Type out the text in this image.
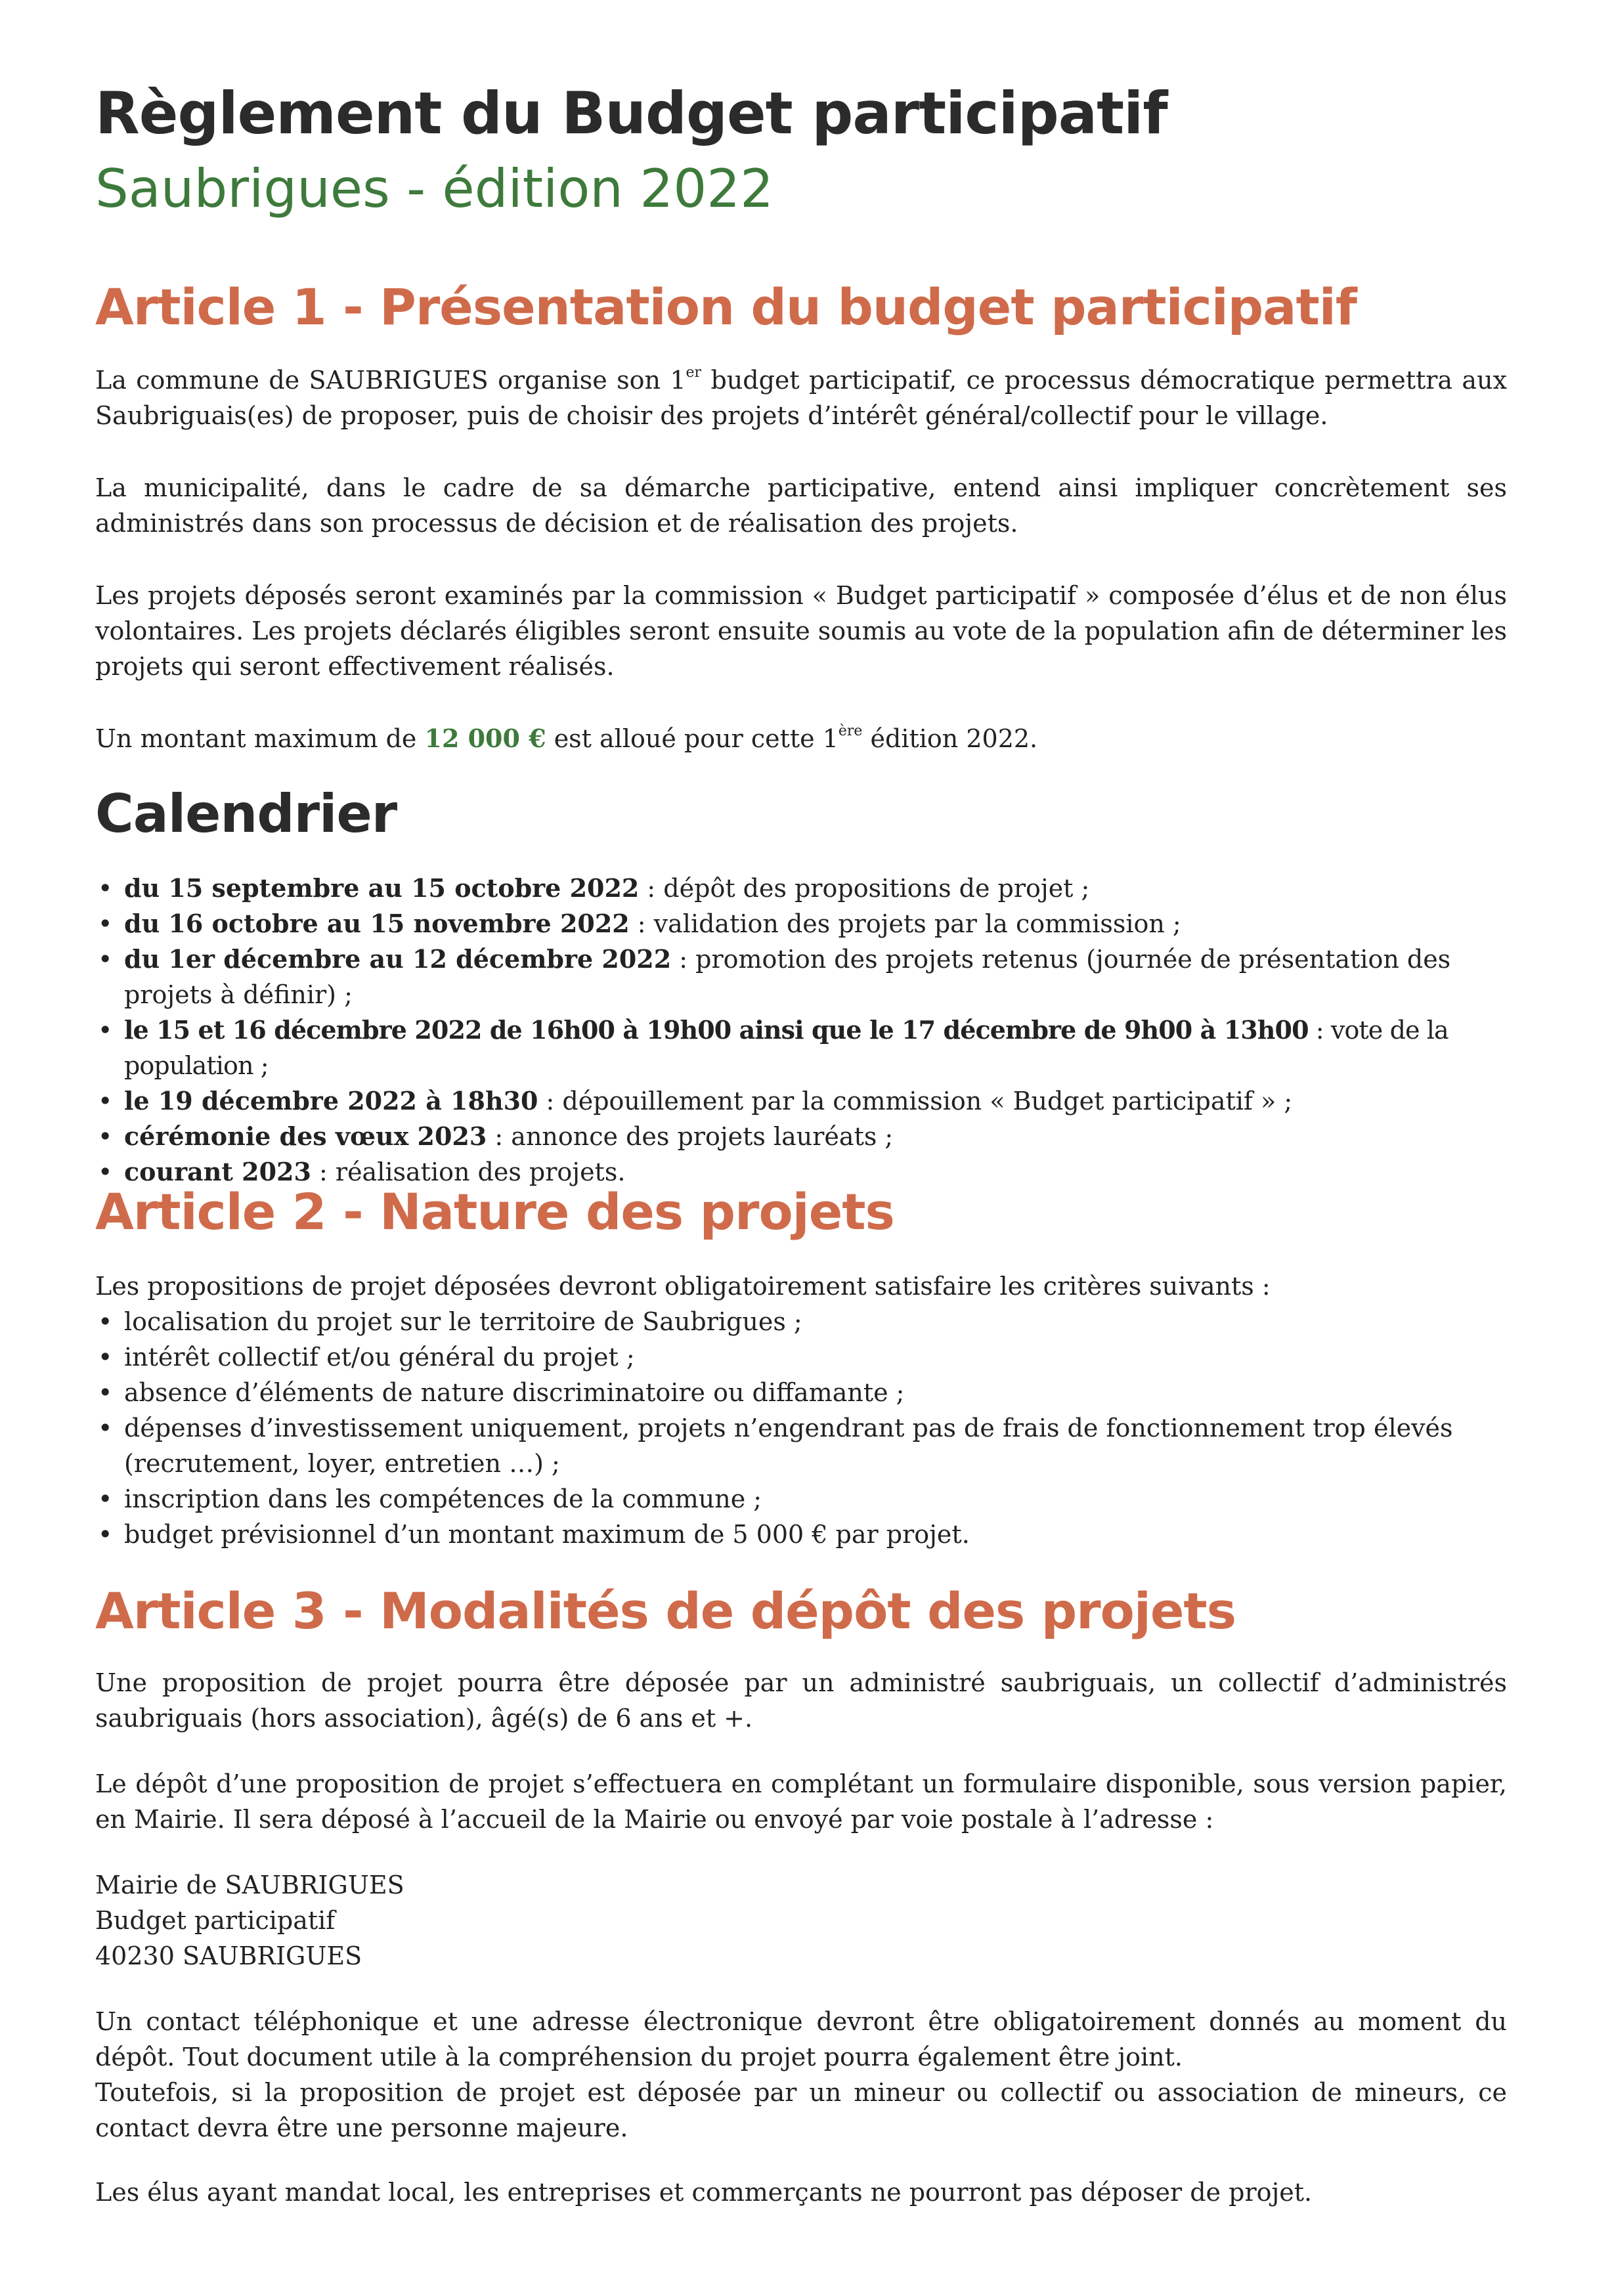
Règlement du Budget participatif
Saubrigues - édition 2022
Article 1 - Présentation du budget participatif

La commune de SAUBRIGUES organise son 1er budget participatif, ce processus démocratique permettra aux Saubriguais(es) de proposer, puis de choisir des projets d’intérêt général/collectif pour le village.

La municipalité, dans le cadre de sa démarche participative, entend ainsi impliquer concrètement ses administrés dans son processus de décision et de réalisation des projets.

Les projets déposés seront examinés par la commission « Budget participatif » composée d’élus et de non élus volontaires. Les projets déclarés éligibles seront ensuite soumis au vote de la population afin de déterminer les projets qui seront effectivement réalisés.

Un montant maximum de 12 000 € est alloué pour cette 1ère édition 2022.

Calendrier
• du 15 septembre au 15 octobre 2022 : dépôt des propositions de projet ;
• du 16 octobre au 15 novembre 2022 : validation des projets par la commission ;
• du 1er décembre au 12 décembre 2022 : promotion des projets retenus (journée de présentation des projets à définir) ;
• le 15 et 16 décembre 2022 de 16h00 à 19h00 ainsi que le 17 décembre de 9h00 à 13h00 : vote de la population ;
• le 19 décembre 2022 à 18h30 : dépouillement par la commission « Budget participatif » ;
• cérémonie des vœux 2023 : annonce des projets lauréats ;
• courant 2023 : réalisation des projets.
Article 2 - Nature des projets

Les propositions de projet déposées devront obligatoirement satisfaire les critères suivants :

• localisation du projet sur le territoire de Saubrigues ;
• intérêt collectif et/ou général du projet ;
• absence d’éléments de nature discriminatoire ou diffamante ;
• dépenses d’investissement uniquement, projets n’engendrant pas de frais de fonctionnement trop élevés (recrutement, loyer, entretien …) ;
• inscription dans les compétences de la commune ;
• budget prévisionnel d’un montant maximum de 5 000 € par projet.
Article 3 - Modalités de dépôt des projets

Une proposition de projet pourra être déposée par un administré saubriguais, un collectif d’administrés saubriguais (hors association), âgé(s) de 6 ans et +.

Le dépôt d’une proposition de projet s’effectuera en complétant un formulaire disponible, sous version papier, en Mairie. Il sera déposé à l’accueil de la Mairie ou envoyé par voie postale à l’adresse :

Mairie de SAUBRIGUES

Budget participatif

40230 SAUBRIGUES

Un contact téléphonique et une adresse électronique devront être obligatoirement donnés au moment du dépôt. Tout document utile à la compréhension du projet pourra également être joint.

Toutefois, si la proposition de projet est déposée par un mineur ou collectif ou association de mineurs, ce contact devra être une personne majeure.

Les élus ayant mandat local, les entreprises et commerçants ne pourront pas déposer de projet.
